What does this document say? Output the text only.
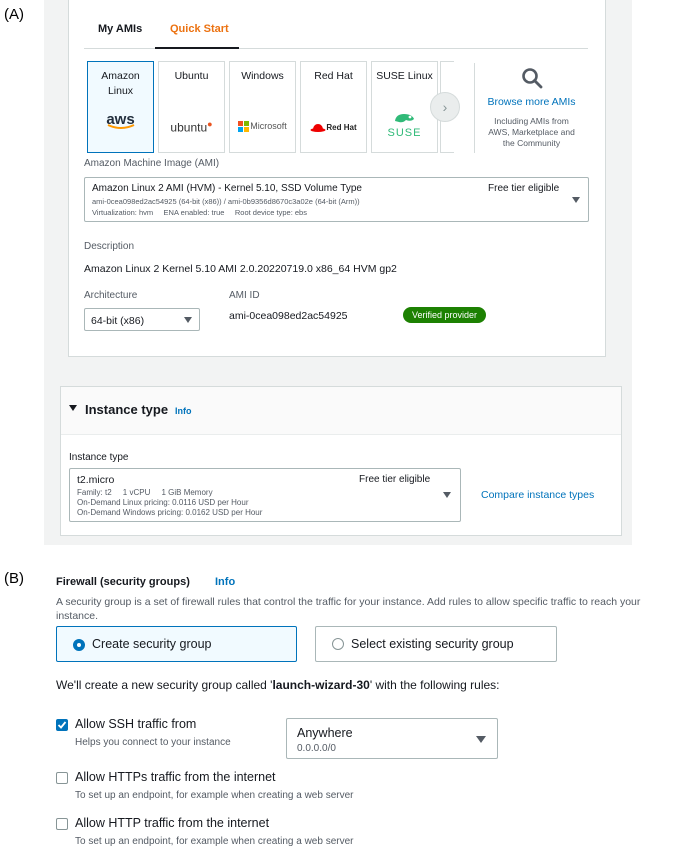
(A)
(B)
My AMIs	Quick Start
Amazon Linux
aws
Ubuntu
ubuntu●
Windows
Microsoft
Red Hat
Red Hat
SUSE Linux
SUSE
›	Browse more AMIs
Including AMIs from
AWS, Marketplace and
the Community
Amazon Machine Image (AMI)
Amazon Linux 2 AMI (HVM) - Kernel 5.10, SSD Volume Type	Free tier eligible
ami-0cea098ed2ac54925 (64-bit (x86)) / ami-0b9356d8670c3a02e (64-bit (Arm))
Virtualization: hvm     ENA enabled: true     Root device type: ebs
Description
Amazon Linux 2 Kernel 5.10 AMI 2.0.20220719.0 x86_64 HVM gp2
Architecture
64-bit (x86)
AMI ID
ami-0cea098ed2ac54925	Verified provider
Instance type Info
Instance type
t2.micro	Free tier eligible
Family: t2     1 vCPU     1 GiB Memory
On-Demand Linux pricing: 0.0116 USD per Hour
On-Demand Windows pricing: 0.0162 USD per Hour
Compare instance types
Firewall (security groups) Info
A security group is a set of firewall rules that control the traffic for your instance. Add rules to allow specific traffic to reach your
instance.
Create security group	Select existing security group
We'll create a new security group called 'launch-wizard-30' with the following rules:
Allow SSH traffic from
Helps you connect to your instance
Anywhere
0.0.0.0/0
Allow HTTPs traffic from the internet
To set up an endpoint, for example when creating a web server
Allow HTTP traffic from the internet
To set up an endpoint, for example when creating a web server
